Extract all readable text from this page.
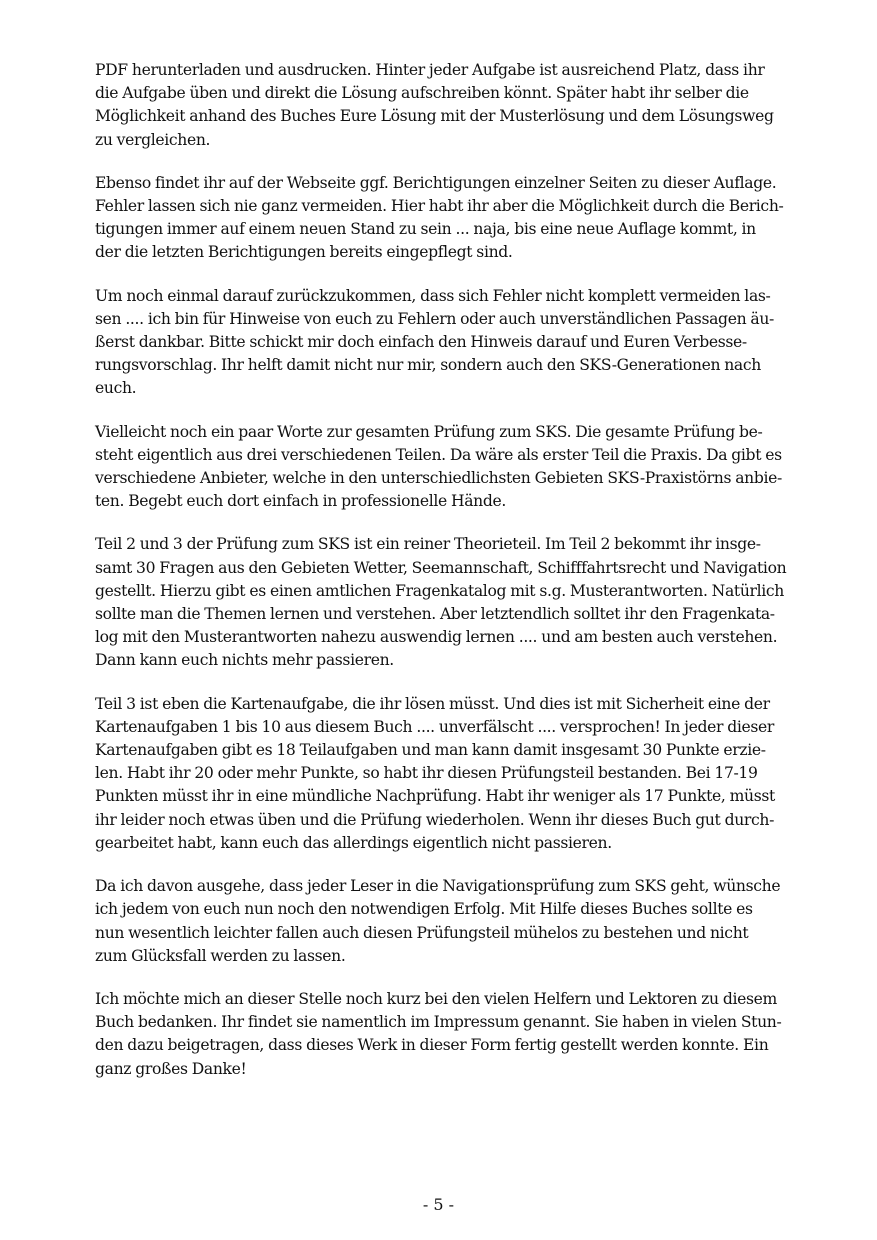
PDF herunterladen und ausdrucken. Hinter jeder Aufgabe ist ausreichend Platz, dass ihr
die Aufgabe üben und direkt die Lösung aufschreiben könnt. Später habt ihr selber die
Möglichkeit anhand des Buches Eure Lösung mit der Musterlösung und dem Lösungsweg
zu vergleichen.

Ebenso findet ihr auf der Webseite ggf. Berichtigungen einzelner Seiten zu dieser Auflage.
Fehler lassen sich nie ganz vermeiden. Hier habt ihr aber die Möglichkeit durch die Berich-
tigungen immer auf einem neuen Stand zu sein ... naja, bis eine neue Auflage kommt, in
der die letzten Berichtigungen bereits eingepflegt sind.

Um noch einmal darauf zurückzukommen, dass sich Fehler nicht komplett vermeiden las-
sen .... ich bin für Hinweise von euch zu Fehlern oder auch unverständlichen Passagen äu-
ßerst dankbar. Bitte schickt mir doch einfach den Hinweis darauf und Euren Verbesse-
rungsvorschlag. Ihr helft damit nicht nur mir, sondern auch den SKS-Generationen nach
euch.

Vielleicht noch ein paar Worte zur gesamten Prüfung zum SKS. Die gesamte Prüfung be-
steht eigentlich aus drei verschiedenen Teilen. Da wäre als erster Teil die Praxis. Da gibt es
verschiedene Anbieter, welche in den unterschiedlichsten Gebieten SKS-Praxistörns anbie-
ten. Begebt euch dort einfach in professionelle Hände.

Teil 2 und 3 der Prüfung zum SKS ist ein reiner Theorieteil. Im Teil 2 bekommt ihr insge-
samt 30 Fragen aus den Gebieten Wetter, Seemannschaft, Schifffahrtsrecht und Navigation
gestellt. Hierzu gibt es einen amtlichen Fragenkatalog mit s.g. Musterantworten. Natürlich
sollte man die Themen lernen und verstehen. Aber letztendlich solltet ihr den Fragenkata-
log mit den Musterantworten nahezu auswendig lernen .... und am besten auch verstehen.
Dann kann euch nichts mehr passieren.

Teil 3 ist eben die Kartenaufgabe, die ihr lösen müsst. Und dies ist mit Sicherheit eine der
Kartenaufgaben 1 bis 10 aus diesem Buch .... unverfälscht .... versprochen! In jeder dieser
Kartenaufgaben gibt es 18 Teilaufgaben und man kann damit insgesamt 30 Punkte erzie-
len. Habt ihr 20 oder mehr Punkte, so habt ihr diesen Prüfungsteil bestanden. Bei 17-19
Punkten müsst ihr in eine mündliche Nachprüfung. Habt ihr weniger als 17 Punkte, müsst
ihr leider noch etwas üben und die Prüfung wiederholen. Wenn ihr dieses Buch gut durch-
gearbeitet habt, kann euch das allerdings eigentlich nicht passieren.

Da ich davon ausgehe, dass jeder Leser in die Navigationsprüfung zum SKS geht, wünsche
ich jedem von euch nun noch den notwendigen Erfolg. Mit Hilfe dieses Buches sollte es
nun wesentlich leichter fallen auch diesen Prüfungsteil mühelos zu bestehen und nicht
zum Glücksfall werden zu lassen.

Ich möchte mich an dieser Stelle noch kurz bei den vielen Helfern und Lektoren zu diesem
Buch bedanken. Ihr findet sie namentlich im Impressum genannt. Sie haben in vielen Stun-
den dazu beigetragen, dass dieses Werk in dieser Form fertig gestellt werden konnte. Ein
ganz großes Danke!

- 5 -
